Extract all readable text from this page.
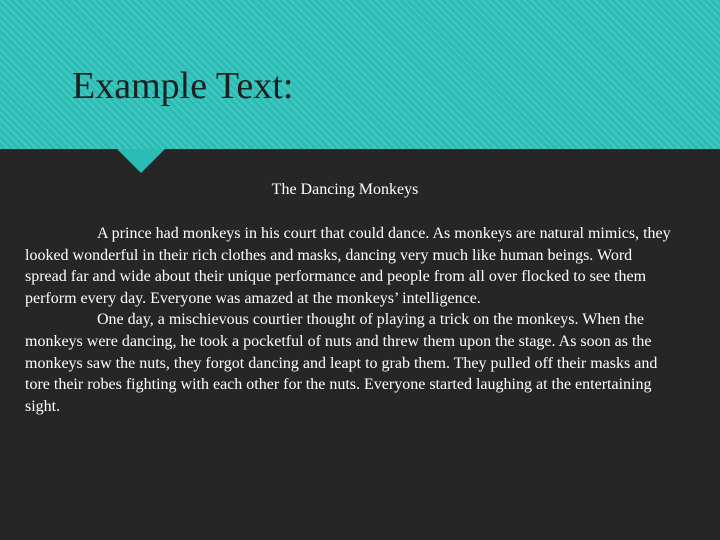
Example Text:

The Dancing Monkeys

A prince had monkeys in his court that could dance. As monkeys are natural mimics, they looked wonderful in their rich clothes and masks, dancing very much like human beings. Word spread far and wide about their unique performance and people from all over flocked to see them perform every day. Everyone was amazed at the monkeys’ intelligence.

One day, a mischievous courtier thought of playing a trick on the monkeys. When the monkeys were dancing, he took a pocketful of nuts and threw them upon the stage. As soon as the monkeys saw the nuts, they forgot dancing and leapt to grab them. They pulled off their masks and tore their robes fighting with each other for the nuts. Everyone started laughing at the entertaining sight.
